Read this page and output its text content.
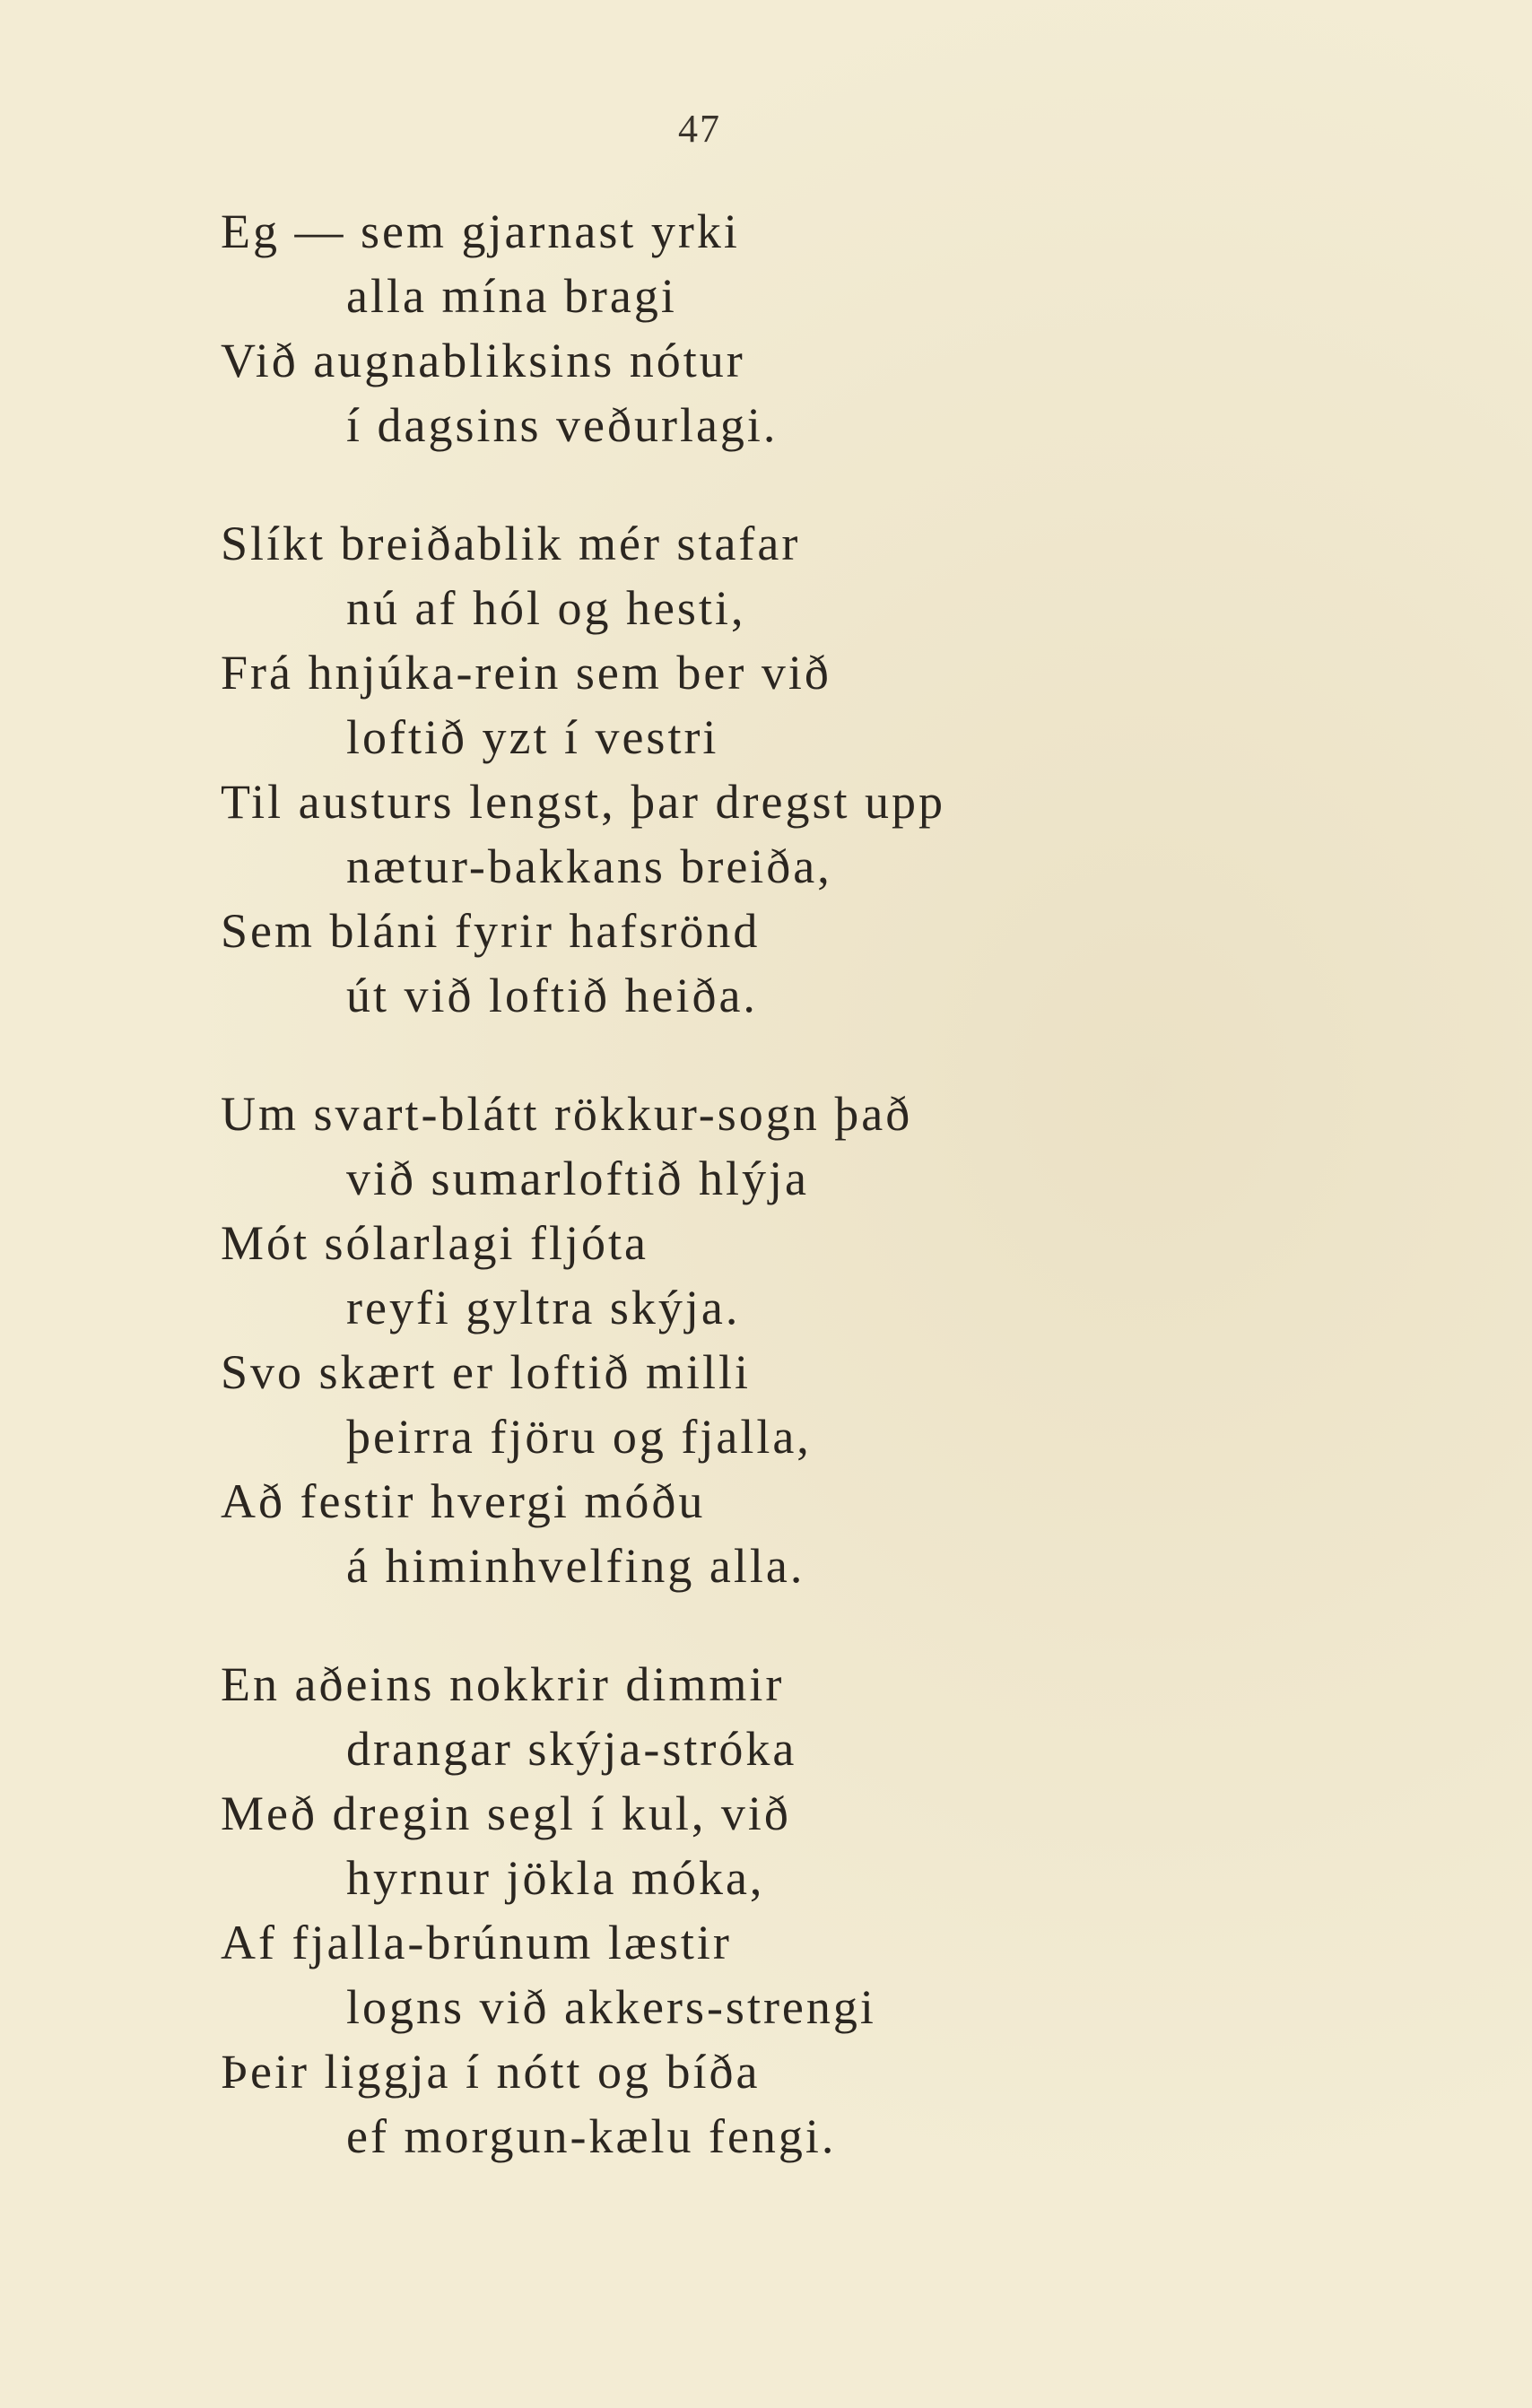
47
Eg — sem gjarnast yrki
alla mína bragi
Við augnabliksins nótur
í dagsins veðurlagi.
Slíkt breiðablik mér stafar
nú af hól og hesti,
Frá hnjúka-rein sem ber við
loftið yzt í vestri
Til austurs lengst, þar dregst upp
nætur-bakkans breiða,
Sem bláni fyrir hafsrönd
út við loftið heiða.
Um svart-blátt rökkur-sogn það
við sumarloftið hlýja
Mót sólarlagi fljóta
reyfi gyltra skýja.
Svo skært er loftið milli
þeirra fjöru og fjalla,
Að festir hvergi móðu
á himinhvelfing alla.
En aðeins nokkrir dimmir
drangar skýja-stróka
Með dregin segl í kul, við
hyrnur jökla móka,
Af fjalla-brúnum læstir
logns við akkers-strengi
Þeir liggja í nótt og bíða
ef morgun-kælu fengi.
